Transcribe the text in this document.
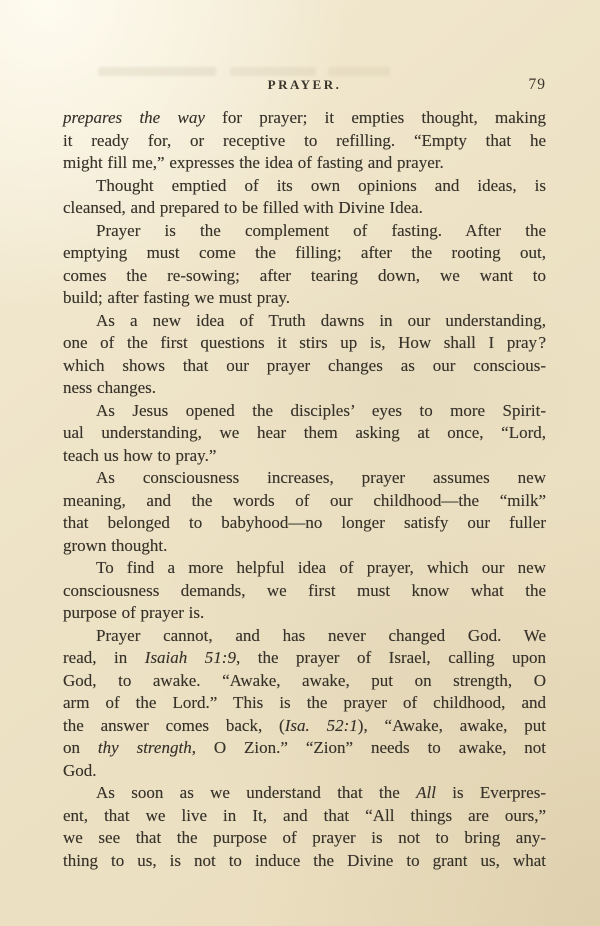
PRAYER.	79
prepares the way for prayer; it empties thought, making
it ready for, or receptive to refilling. “Empty that he
might fill me,” expresses the idea of fasting and prayer.
Thought emptied of its own opinions and ideas, is
cleansed, and prepared to be filled with Divine Idea.
Prayer is the complement of fasting. After the
emptying must come the filling; after the rooting out,
comes the re-sowing; after tearing down, we want to
build; after fasting we must pray.
As a new idea of Truth dawns in our understanding,
one of the first questions it stirs up is, How shall I pray ?
which shows that our prayer changes as our conscious-
ness changes.
As Jesus opened the disciples’ eyes to more Spirit-
ual understanding, we hear them asking at once, “Lord,
teach us how to pray.”
As consciousness increases, prayer assumes new
meaning, and the words of our childhood—the “milk”
that belonged to babyhood—no longer satisfy our fuller
grown thought.
To find a more helpful idea of prayer, which our new
consciousness demands, we first must know what the
purpose of prayer is.
Prayer cannot, and has never changed God. We
read, in Isaiah 51:9, the prayer of Israel, calling upon
God, to awake. “Awake, awake, put on strength, O
arm of the Lord.” This is the prayer of childhood, and
the answer comes back, (Isa. 52:1), “Awake, awake, put
on thy strength, O Zion.” “Zion” needs to awake, not
God.
As soon as we understand that the All is Everpres-
ent, that we live in It, and that “All things are ours,”
we see that the purpose of prayer is not to bring any-
thing to us, is not to induce the Divine to grant us, what
